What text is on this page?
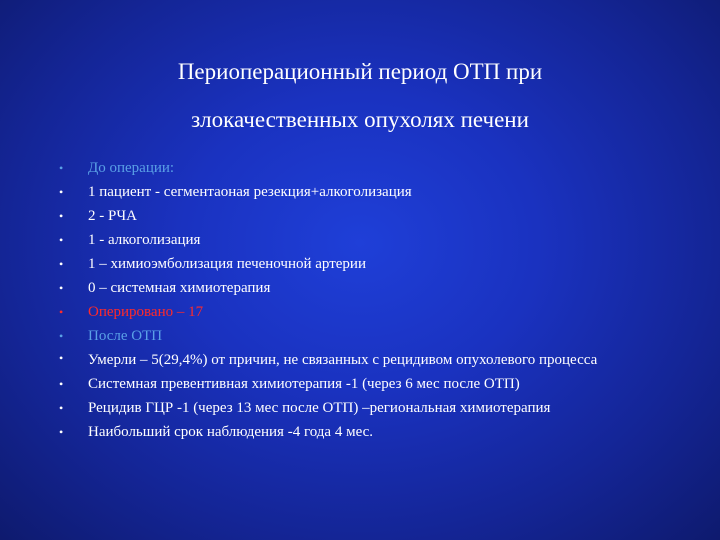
Периоперационный период ОТП при
злокачественных опухолях печени
• До операции:
• 1 пациент - сегментаоная резекция+алкоголизация
• 2 - РЧА
• 1 - алкоголизация
• 1 – химиоэмболизация печеночной артерии
• 0 – системная химиотерапия
• Оперировано – 17
• После ОТП
• Умерли – 5(29,4%) от причин, не связанных с рецидивом опухолевого процесса
• Системная превентивная химиотерапия -1 (через 6 мес после ОТП)
• Рецидив ГЦР -1 (через 13 мес после ОТП) –региональная химиотерапия
• Наибольший срок наблюдения -4 года 4 мес.
